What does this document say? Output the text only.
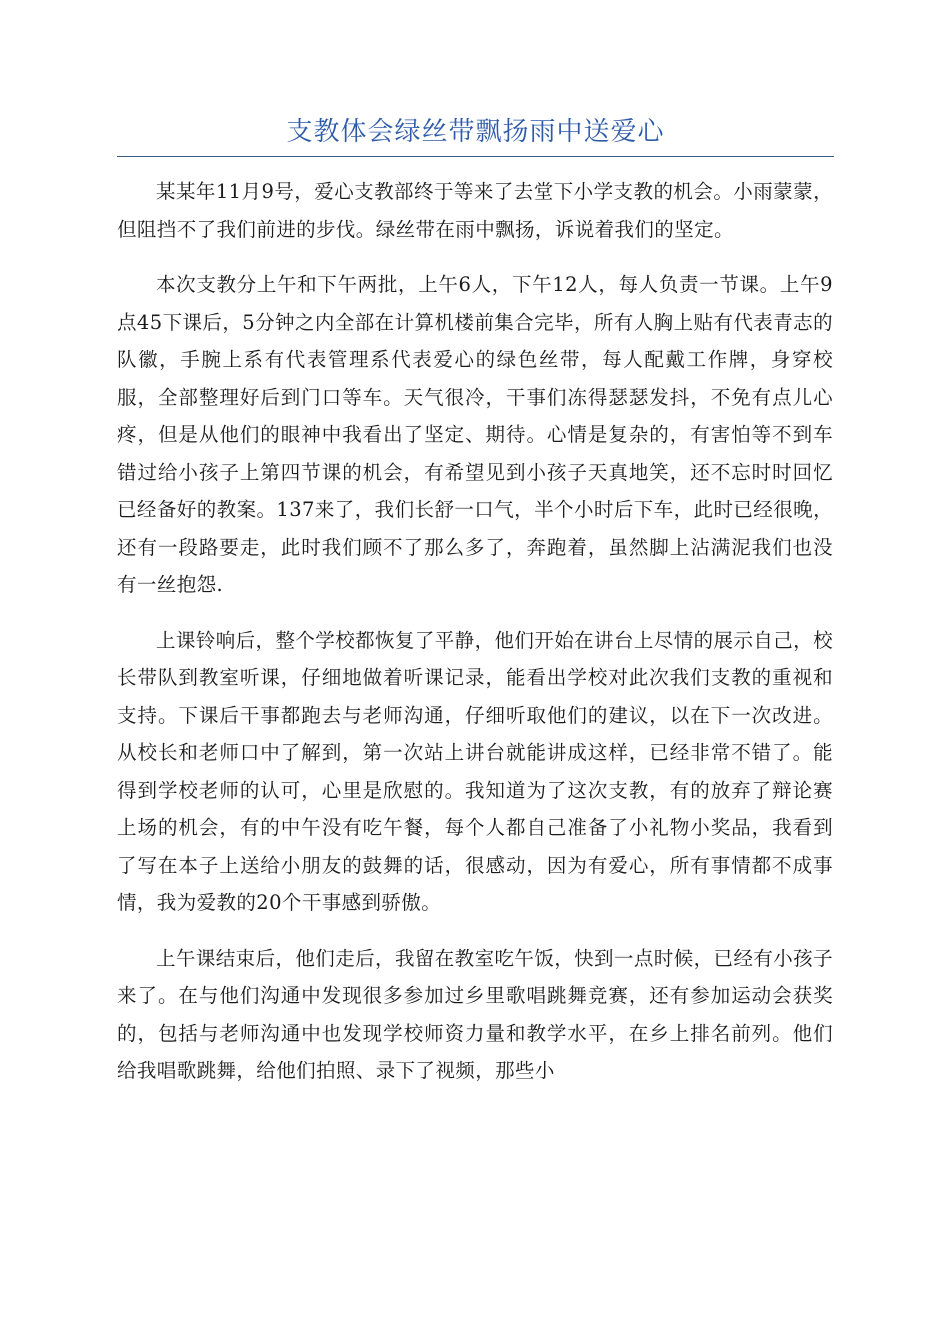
支教体会绿丝带飘扬雨中送爱心

某某年11月9号，爱心支教部终于等来了去堂下小学支教的机会。小雨蒙蒙，但阻挡不了我们前进的步伐。绿丝带在雨中飘扬，诉说着我们的坚定。

本次支教分上午和下午两批，上午6人，下午12人，每人负责一节课。上午9点45下课后，5分钟之内全部在计算机楼前集合完毕，所有人胸上贴有代表青志的队徽，手腕上系有代表管理系代表爱心的绿色丝带，每人配戴工作牌，身穿校服，全部整理好后到门口等车。天气很冷，干事们冻得瑟瑟发抖，不免有点儿心疼，但是从他们的眼神中我看出了坚定、期待。心情是复杂的，有害怕等不到车错过给小孩子上第四节课的机会，有希望见到小孩子天真地笑，还不忘时时回忆已经备好的教案。137来了，我们长舒一口气，半个小时后下车，此时已经很晚，还有一段路要走，此时我们顾不了那么多了，奔跑着，虽然脚上沾满泥我们也没有一丝抱怨.

上课铃响后，整个学校都恢复了平静，他们开始在讲台上尽情的展示自己，校长带队到教室听课，仔细地做着听课记录，能看出学校对此次我们支教的重视和支持。下课后干事都跑去与老师沟通，仔细听取他们的建议，以在下一次改进。从校长和老师口中了解到，第一次站上讲台就能讲成这样，已经非常不错了。能得到学校老师的认可，心里是欣慰的。我知道为了这次支教，有的放弃了辩论赛上场的机会，有的中午没有吃午餐，每个人都自己准备了小礼物小奖品，我看到了写在本子上送给小朋友的鼓舞的话，很感动，因为有爱心，所有事情都不成事情，我为爱教的20个干事感到骄傲。

上午课结束后，他们走后，我留在教室吃午饭，快到一点时候，已经有小孩子来了。在与他们沟通中发现很多参加过乡里歌唱跳舞竞赛，还有参加运动会获奖的，包括与老师沟通中也发现学校师资力量和教学水平，在乡上排名前列。他们给我唱歌跳舞，给他们拍照、录下了视频，那些小
